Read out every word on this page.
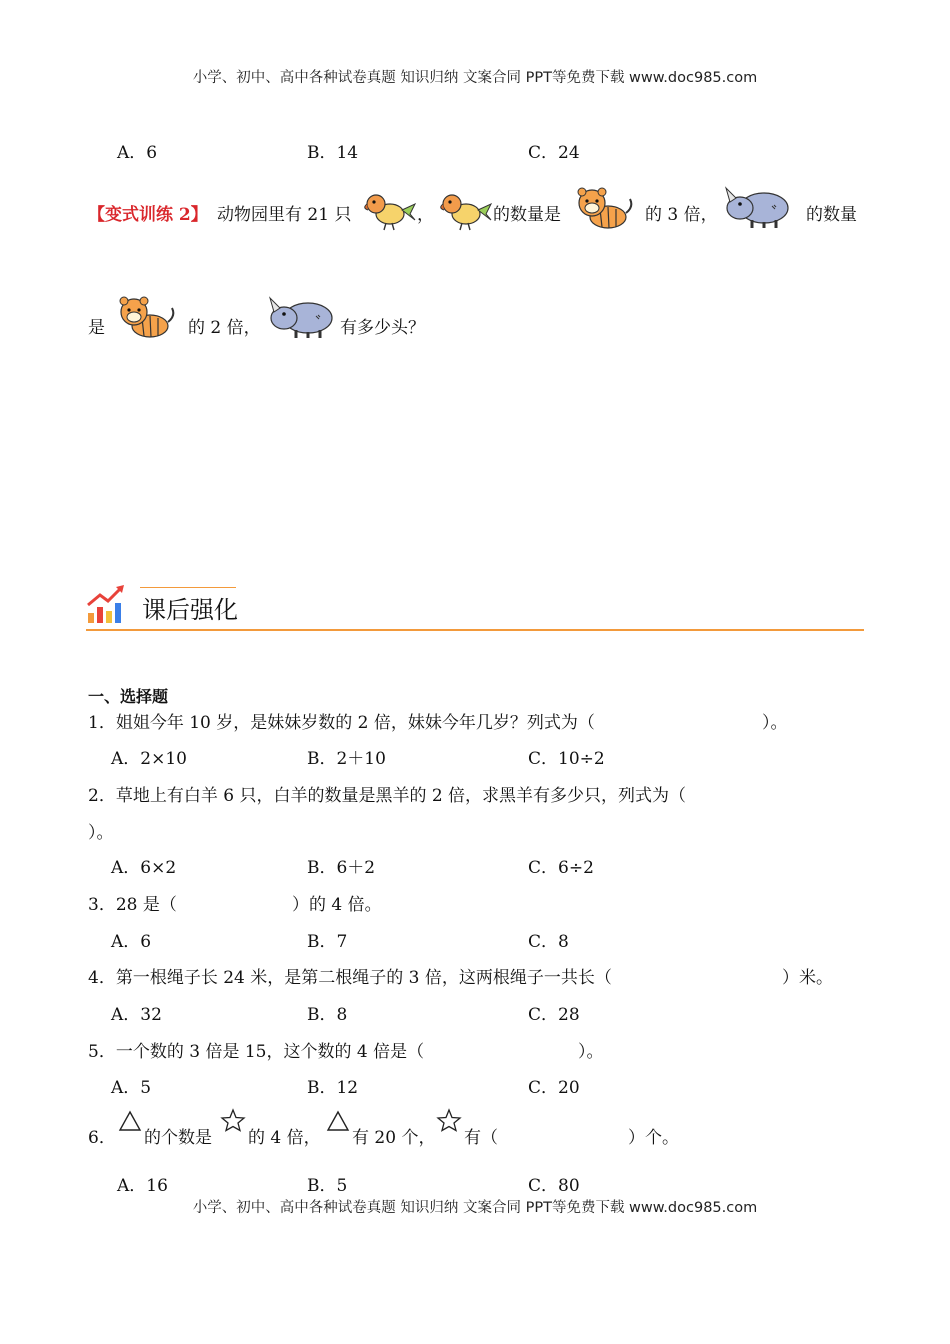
小学、初中、高中各种试卷真题 知识归纳 文案合同 PPT等免费下载 www.doc985.com
A．6	B．14	C．24
【变式训练 2】 动物园里有 21 只	，	的数量是	的 3 倍，	的数量
是	的 2 倍，	有多少头？
课后强化
一、选择题
1．姐姐今年 10 岁，是妹妹岁数的 2 倍，妹妹今年几岁？列式为（	）。
A．2×10	B．2＋10	C．10÷2
2．草地上有白羊 6 只，白羊的数量是黑羊的 2 倍，求黑羊有多少只，列式为（
）。
A．6×2	B．6＋2	C．6÷2
3．28 是（	）的 4 倍。
A．6	B．7	C．8
4．第一根绳子长 24 米，是第二根绳子的 3 倍，这两根绳子一共长（	）米。
A．32	B．8	C．28
5．一个数的 3 倍是 15，这个数的 4 倍是（	）。
A．5	B．12	C．20
6． 的个数是 的 4 倍， 有 20 个， 有（	）个。
A．16	B．5	C．80
小学、初中、高中各种试卷真题 知识归纳 文案合同 PPT等免费下载 www.doc985.com
